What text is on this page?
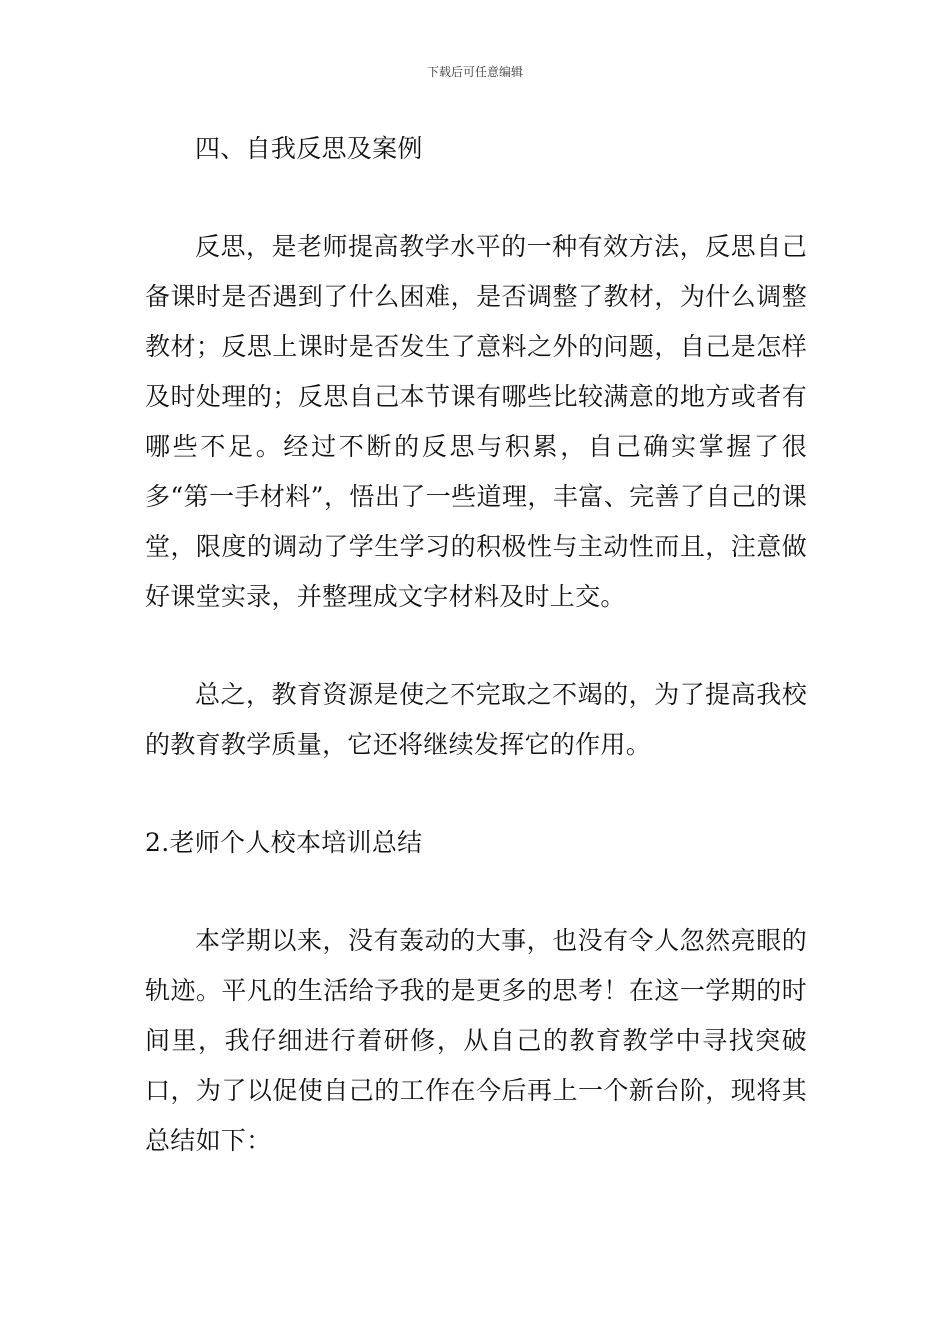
下载后可任意编辑

四、自我反思及案例

反思，是老师提高教学水平的一种有效方法，反思自己备课时是否遇到了什么困难，是否调整了教材，为什么调整教材；反思上课时是否发生了意料之外的问题，自己是怎样及时处理的；反思自己本节课有哪些比较满意的地方或者有哪些不足。经过不断的反思与积累，自己确实掌握了很多“第一手材料”，悟出了一些道理，丰富、完善了自己的课堂，限度的调动了学生学习的积极性与主动性而且，注意做好课堂实录，并整理成文字材料及时上交。

总之，教育资源是使之不完取之不竭的，为了提高我校的教育教学质量，它还将继续发挥它的作用。

2.老师个人校本培训总结

本学期以来，没有轰动的大事，也没有令人忽然亮眼的轨迹。平凡的生活给予我的是更多的思考！在这一学期的时间里，我仔细进行着研修，从自己的教育教学中寻找突破口，为了以促使自己的工作在今后再上一个新台阶，现将其总结如下：
